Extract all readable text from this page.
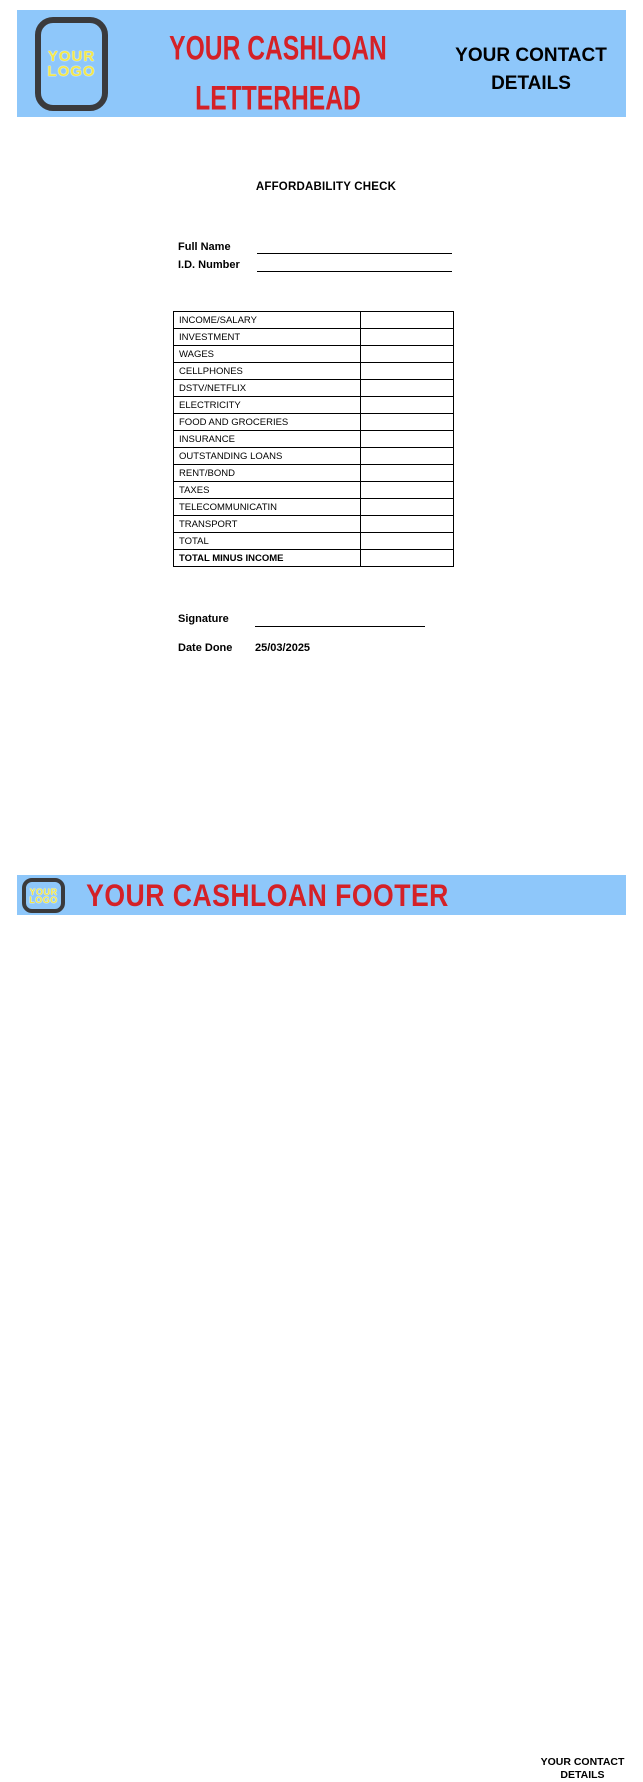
YOUR CASHLOAN
LETTERHEAD
YOUR CONTACT
DETAILS
YOUR
LOGO
AFFORDABILITY CHECK
Full Name
I.D. Number
INCOME/SALARY	
INVESTMENT	
WAGES	
CELLPHONES	
DSTV/NETFLIX	
ELECTRICITY	
FOOD AND GROCERIES	
INSURANCE	
OUTSTANDING LOANS	
RENT/BOND	
TAXES	
TELECOMMUNICATIN	
TRANSPORT	
TOTAL	
TOTAL MINUS INCOME	
Signature
Date Done 25/03/2025
YOUR CONTACT
DETAILS
YOUR CASHLOAN FOOTER
YOUR
LOGO
